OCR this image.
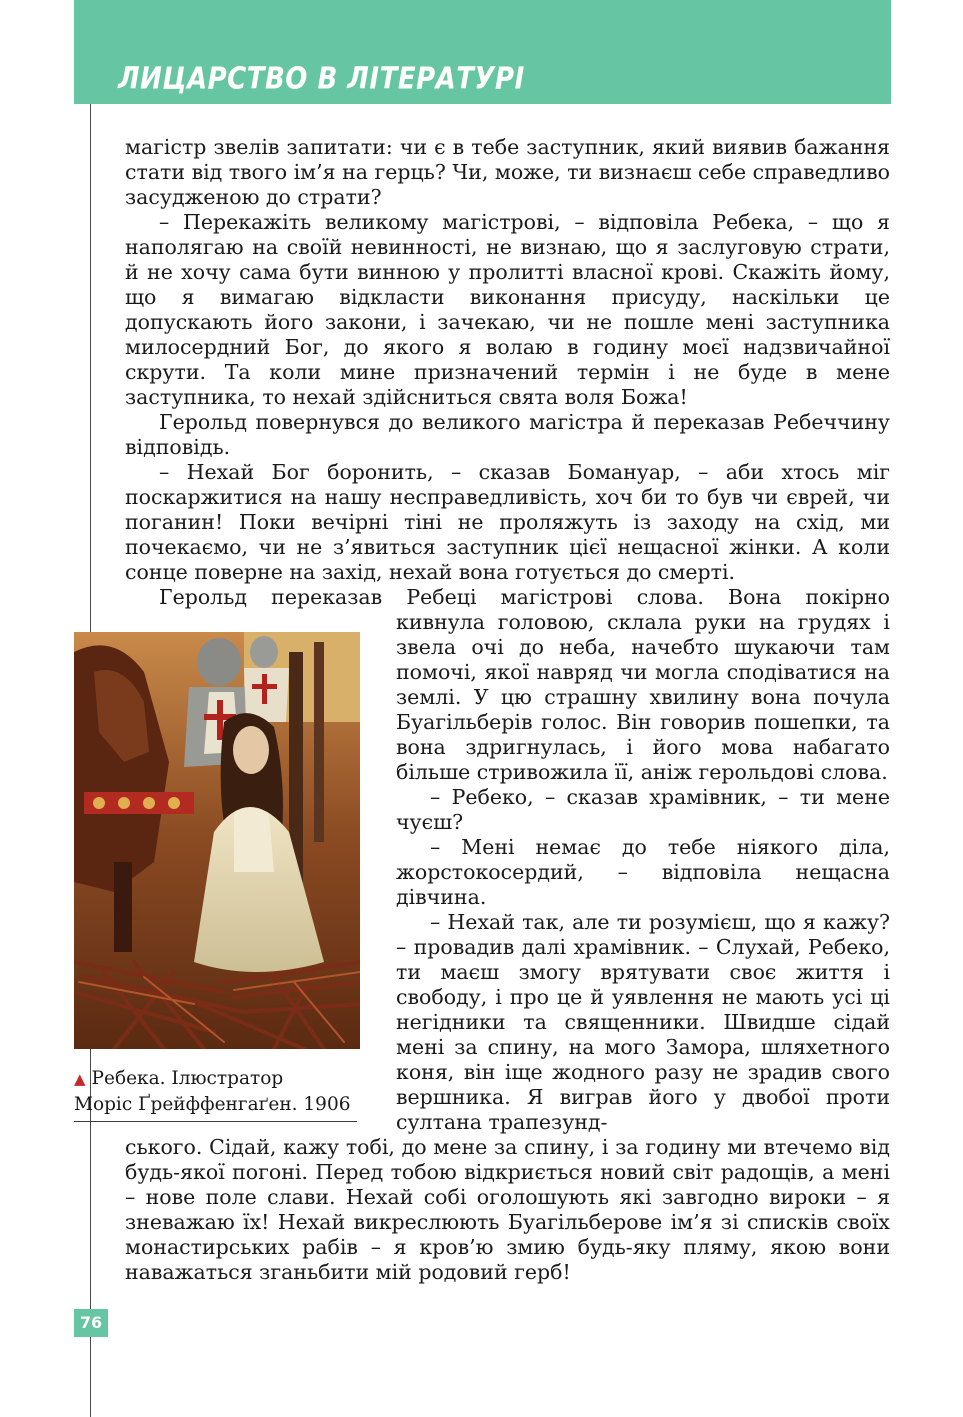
ЛИЦАРСТВО В ЛІТЕРАТУРІ

магістр звелів запитати: чи є в тебе заступник, який виявив бажання стати від твого ім’я на герць? Чи, може, ти визнаєш себе справедливо засудженою до страти?

– Перекажіть великому магістрові, – відповіла Ребека, – що я наполягаю на своїй невинності, не визнаю, що я заслуговую страти, й не хочу сама бути винною у пролитті власної крові. Скажіть йому, що я вимагаю відкласти виконання присуду, наскільки це допускають його закони, і зачекаю, чи не пошле мені заступника милосердний Бог, до якого я волаю в годину моєї надзвичайної скрути. Та коли мине призначений термін і не буде в мене заступника, то нехай здійсниться свята воля Божа!

Герольд повернувся до великого магістра й переказав Ребеччину відповідь.

– Нехай Бог боронить, – сказав Бомануар, – аби хтось міг поскаржитися на нашу несправедливість, хоч би то був чи єврей, чи поганин! Поки вечірні тіні не проляжуть із заходу на схід, ми почекаємо, чи не з’явиться заступник цієї нещасної жінки. А коли сонце поверне на захід, нехай вона готується до смерті.

Герольд переказав Ребеці магістрові слова. Вона покірно

кивнула головою, склала руки на грудях і звела очі до неба, начебто шукаючи там помочі, якої навряд чи могла сподіватися на землі. У цю страшну хвилину вона почула Буагільберів голос. Він говорив пошепки, та вона здригнулась, і його мова набагато більше стривожила її, аніж герольдові слова.

– Ребеко, – сказав храмівник, – ти мене чуєш?

– Мені немає до тебе ніякого діла, жорстокосердий, – відповіла нещасна дівчина.

– Нехай так, але ти розумієш, що я кажу? – провадив далі храмівник. – Слухай, Ребеко, ти маєш змогу врятувати своє життя і свободу, і про це й уявлення не мають усі ці негідники та священники. Швидше сідай мені за спину, на мого Замора, шляхетного коня, він іще жодного разу не зрадив свого вершника. Я виграв його у двобої проти султана трапезунд-

▲ Ребека. Ілюстратор
Моріс Ґрейффенгаґен. 1906

ського. Сідай, кажу тобі, до мене за спину, і за годину ми втечемо від будь-якої погоні. Перед тобою відкриється новий світ радощів, а мені – нове поле слави. Нехай собі оголошують які завгодно вироки – я зневажаю їх! Нехай викреслюють Буагільберове ім’я зі списків своїх монастирських рабів – я кров’ю змию будь-яку пляму, якою вони наважаться зганьбити мій родовий герб!

76
